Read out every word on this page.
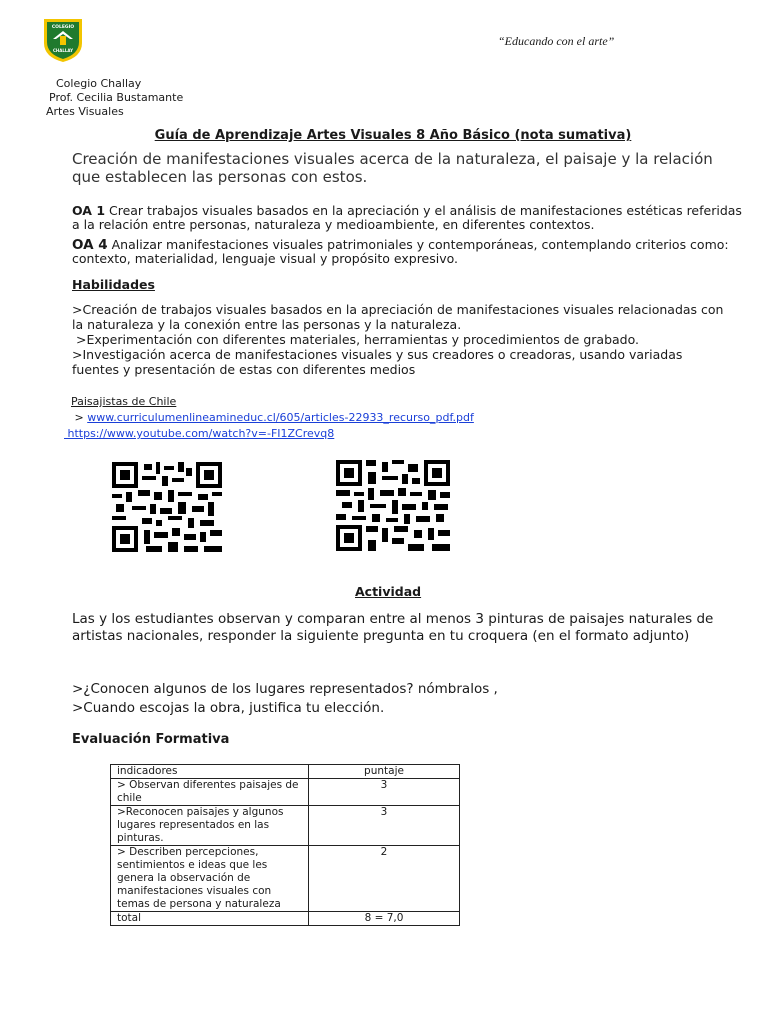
COLEGIO
CHALLAY
“Educando con el arte”
Colegio Challay
Prof. Cecilia Bustamante
Artes Visuales
Guía de Aprendizaje Artes Visuales 8 Año Básico (nota sumativa)
Creación de manifestaciones visuales acerca de la naturaleza, el paisaje y la relación que establecen las personas con estos.
OA 1 Crear trabajos visuales basados en la apreciación y el análisis de manifestaciones estéticas referidas a la relación entre personas, naturaleza y medioambiente, en diferentes contextos.
OA 4 Analizar manifestaciones visuales patrimoniales y contemporáneas, contemplando criterios como: contexto, materialidad, lenguaje visual y propósito expresivo.
Habilidades
>Creación de trabajos visuales basados en la apreciación de manifestaciones visuales relacionadas con la naturaleza y la conexión entre las personas y la naturaleza.
>Experimentación con diferentes materiales, herramientas y procedimientos de grabado.
>Investigación acerca de manifestaciones visuales y sus creadores o creadoras, usando variadas fuentes y presentación de estas con diferentes medios
Paisajistas de Chile
> www.curriculumenlineamineduc.cl/605/articles-22933_recurso_pdf.pdf
https://www.youtube.com/watch?v=-FI1ZCrevq8
Actividad
Las y los estudiantes observan y comparan entre al menos 3 pinturas de paisajes naturales de artistas nacionales, responder la siguiente pregunta en tu croquera (en el formato adjunto)
>¿Conocen algunos de los lugares representados? nómbralos ,
>Cuando escojas la obra, justifica tu elección.
Evaluación Formativa
indicadores	puntaje
> Observan diferentes paisajes de chile	3
>Reconocen paisajes y algunos lugares representados en las pinturas.	3
> Describen percepciones, sentimientos e ideas que les genera la observación de manifestaciones visuales con temas de persona y naturaleza	2
total	8 = 7,0
